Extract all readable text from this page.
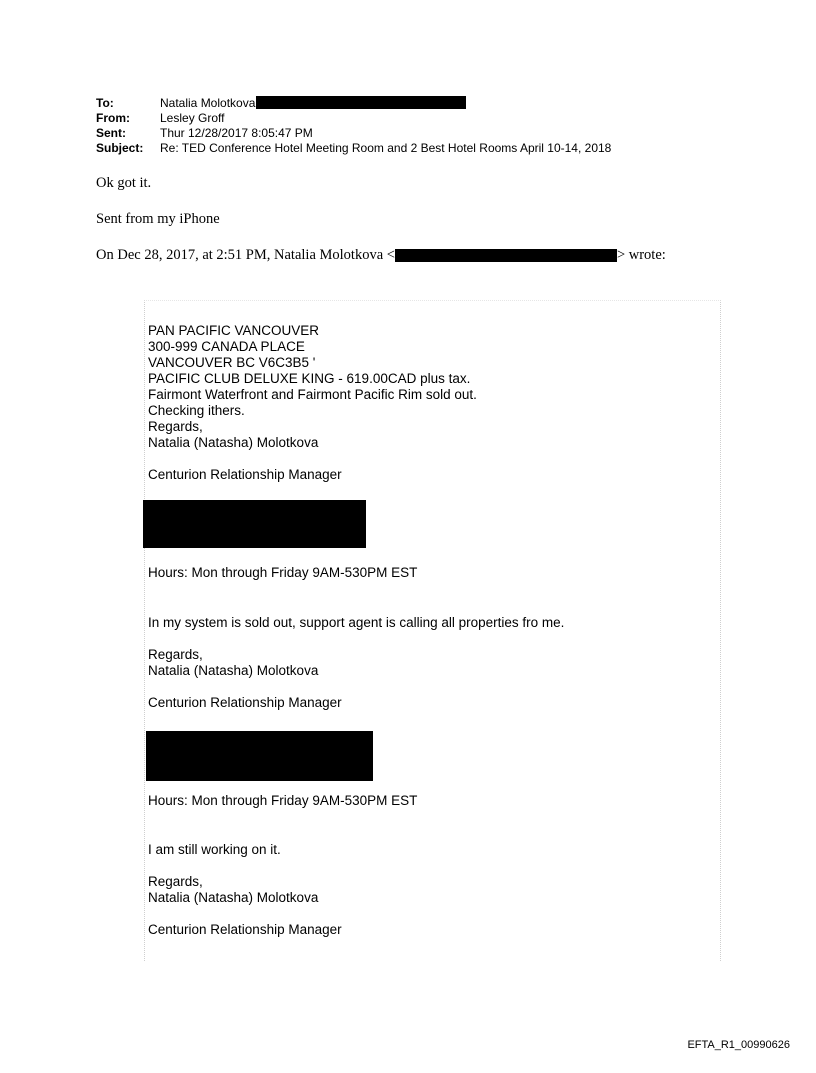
To:	Natalia Molotkova
From:	Lesley Groff
Sent:	Thur 12/28/2017 8:05:47 PM
Subject:	Re: TED Conference Hotel Meeting Room and 2 Best Hotel Rooms April 10-14, 2018
Ok got it.
Sent from my iPhone
On Dec 28, 2017, at 2:51 PM, Natalia Molotkova <	> wrote:
PAN PACIFIC VANCOUVER
300-999 CANADA PLACE
VANCOUVER BC V6C3B5 '
PACIFIC CLUB DELUXE KING - 619.00CAD plus tax.
Fairmont Waterfront and Fairmont Pacific Rim sold out.
Checking ithers.
Regards,
Natalia (Natasha) Molotkova
Centurion Relationship Manager
Hours: Mon through Friday 9AM-530PM EST
In my system is sold out, support agent is calling all properties fro me.
Regards,
Natalia (Natasha) Molotkova
Centurion Relationship Manager
Hours: Mon through Friday 9AM-530PM EST
I am still working on it.
Regards,
Natalia (Natasha) Molotkova
Centurion Relationship Manager
EFTA_R1_00990626
